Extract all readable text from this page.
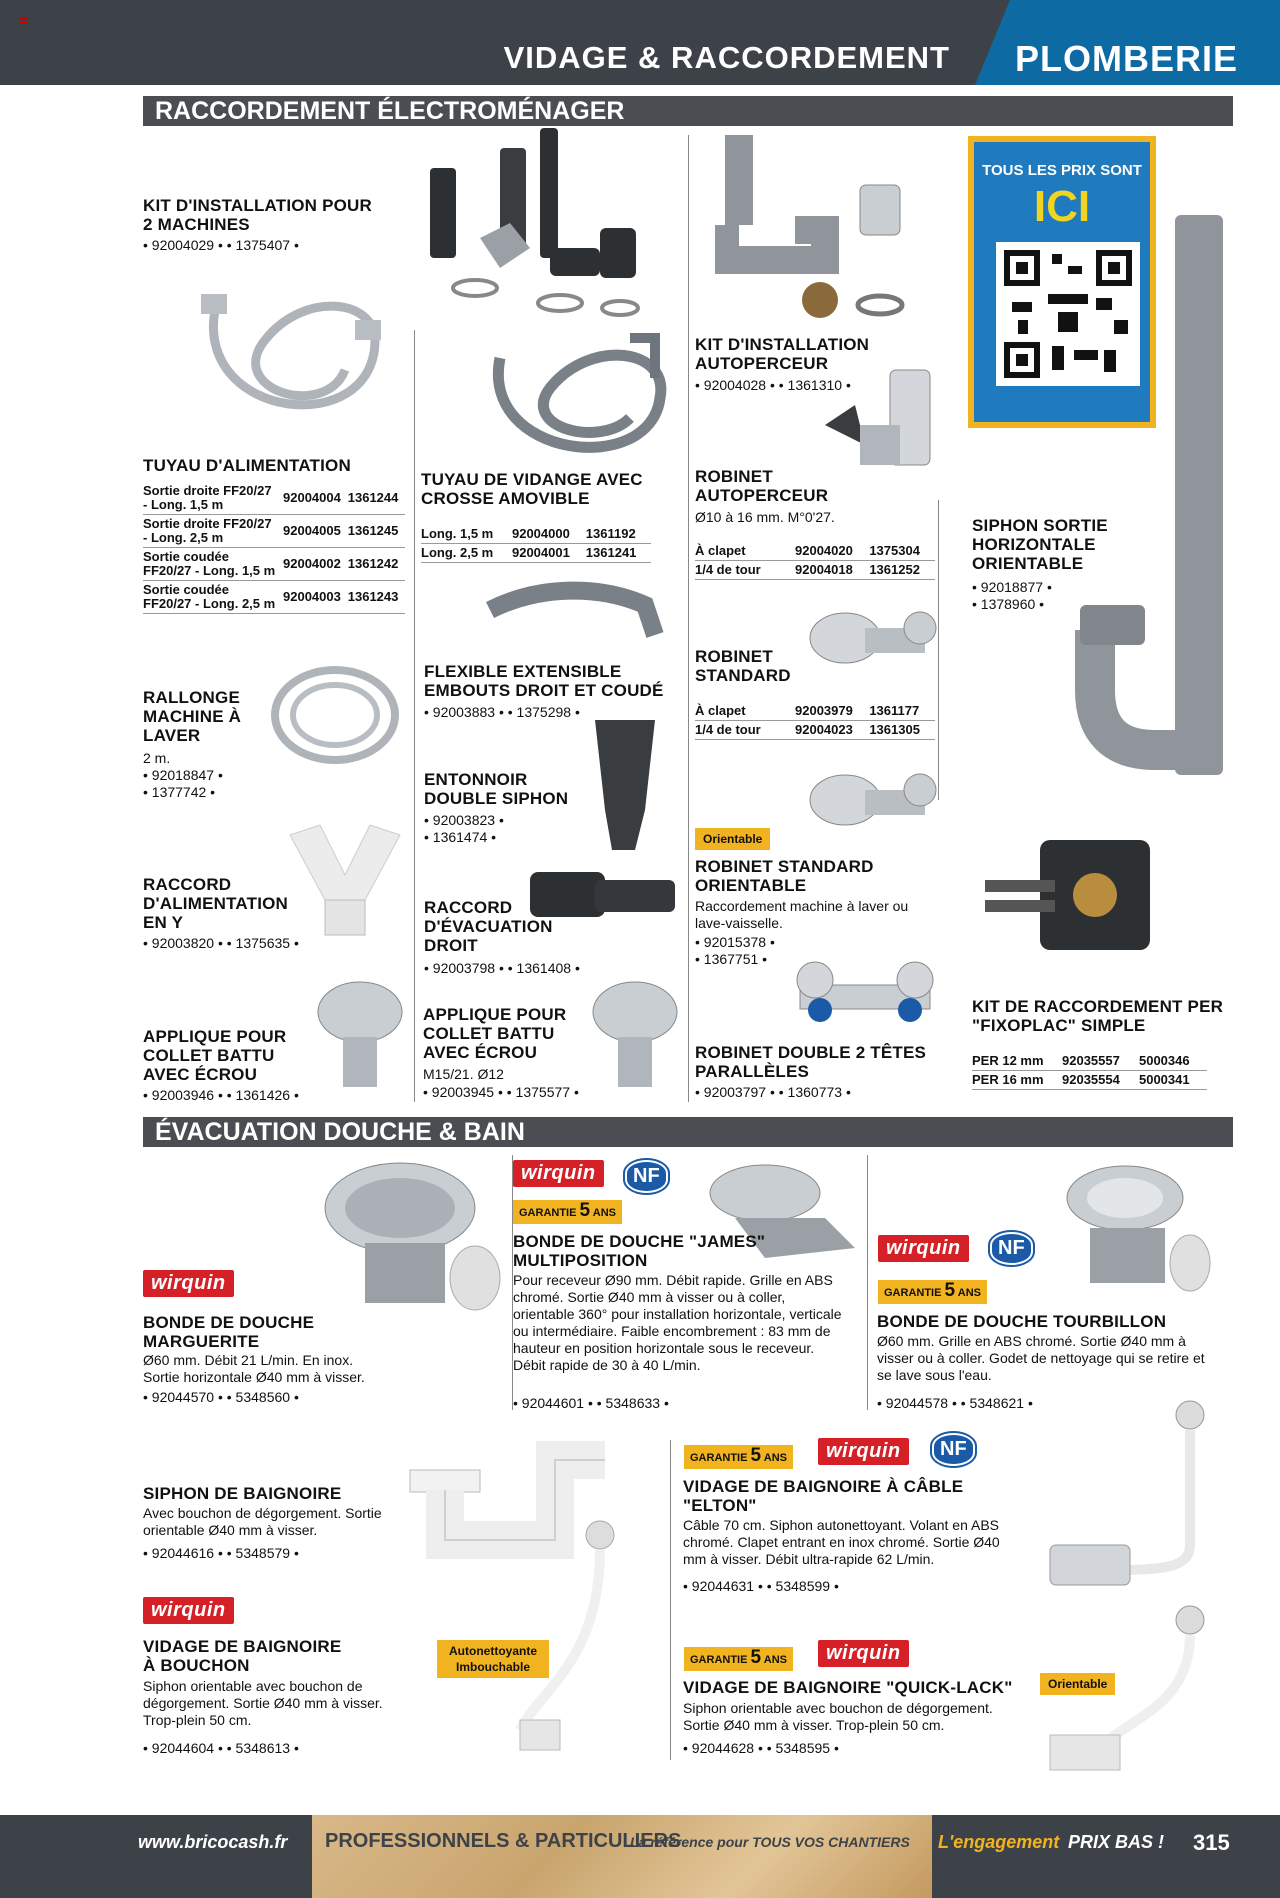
VIDAGE & RACCORDEMENT PLOMBERIE
RACCORDEMENT ÉLECTROMÉNAGER
KIT D'INSTALLATION POUR 2 MACHINES
• 92004029 • • 1375407 •
TUYAU D'ALIMENTATION
Sortie droite FF20/27 - Long. 1,5 m	92004004	1361244
Sortie droite FF20/27 - Long. 2,5 m	92004005	1361245
Sortie coudée FF20/27 - Long. 1,5 m	92004002	1361242
Sortie coudée FF20/27 - Long. 2,5 m	92004003	1361243
RALLONGE MACHINE À LAVER
2 m.
• 92018847 •
• 1377742 •
RACCORD D'ALIMENTATION EN Y
• 92003820 • • 1375635 •
APPLIQUE POUR COLLET BATTU AVEC ÉCROU
• 92003946 • • 1361426 •
TUYAU DE VIDANGE AVEC CROSSE AMOVIBLE
Long. 1,5 m	92004000	1361192
Long. 2,5 m	92004001	1361241
FLEXIBLE EXTENSIBLE EMBOUTS DROIT ET COUDÉ
• 92003883 • • 1375298 •
ENTONNOIR DOUBLE SIPHON
• 92003823 •
• 1361474 •
RACCORD D'ÉVACUATION DROIT
• 92003798 • • 1361408 •
APPLIQUE POUR COLLET BATTU AVEC ÉCROU
M15/21. Ø12
• 92003945 • • 1375577 •
KIT D'INSTALLATION AUTOPERCEUR
• 92004028 • • 1361310 •
ROBINET AUTOPERCEUR
Ø10 à 16 mm. M°0'27.
À clapet	92004020	1375304
1/4 de tour	92004018	1361252
ROBINET STANDARD
À clapet	92003979	1361177
1/4 de tour	92004023	1361305
Orientable
ROBINET STANDARD ORIENTABLE
Raccordement machine à laver ou lave-vaisselle.
• 92015378 •
• 1367751 •
ROBINET DOUBLE 2 TÊTES PARALLÈLES
• 92003797 • • 1360773 •
TOUS LES PRIX SONT
ICI
SIPHON SORTIE HORIZONTALE ORIENTABLE
• 92018877 •
• 1378960 •
KIT DE RACCORDEMENT PER "FIXOPLAC" SIMPLE
PER 12 mm	92035557	5000346
PER 16 mm	92035554	5000341
ÉVACUATION DOUCHE & BAIN
wirquin
BONDE DE DOUCHE MARGUERITE
Ø60 mm. Débit 21 L/min. En inox. Sortie horizontale Ø40 mm à visser.
• 92044570 • • 5348560 •
wirquin	NF
GARANTIE 5 ANS
BONDE DE DOUCHE "JAMES" MULTIPOSITION
Pour receveur Ø90 mm. Débit rapide. Grille en ABS chromé. Sortie Ø40 mm à visser ou à coller, orientable 360° pour installation horizontale, verticale ou intermédiaire. Faible encombrement : 83 mm de hauteur en position horizontale sous le receveur. Débit rapide de 30 à 40 L/min.
• 92044601 • • 5348633 •
wirquin	NF
GARANTIE 5 ANS
BONDE DE DOUCHE TOURBILLON
Ø60 mm. Grille en ABS chromé. Sortie Ø40 mm à visser ou à coller. Godet de nettoyage qui se retire et se lave sous l'eau.
• 92044578 • • 5348621 •
SIPHON DE BAIGNOIRE
Avec bouchon de dégorgement. Sortie orientable Ø40 mm à visser.
• 92044616 • • 5348579 •
wirquin
Autonettoyante Imbouchable
VIDAGE DE BAIGNOIRE À BOUCHON
Siphon orientable avec bouchon de dégorgement. Sortie Ø40 mm à visser. Trop-plein 50 cm.
• 92044604 • • 5348613 •
GARANTIE 5 ANS	wirquin	NF
VIDAGE DE BAIGNOIRE À CÂBLE "ELTON"
Câble 70 cm. Siphon autonettoyant. Volant en ABS chromé. Clapet entrant en inox chromé. Sortie Ø40 mm à visser. Débit ultra-rapide 62 L/min.
• 92044631 • • 5348599 •
GARANTIE 5 ANS	wirquin
Orientable
VIDAGE DE BAIGNOIRE "QUICK-LACK"
Siphon orientable avec bouchon de dégorgement. Sortie Ø40 mm à visser. Trop-plein 50 cm.
• 92044628 • • 5348595 •
www.bricocash.fr PROFESSIONNELS & PARTICULIERS
La référence pour TOUS VOS CHANTIERS L'engagement PRIX BAS ! 315
